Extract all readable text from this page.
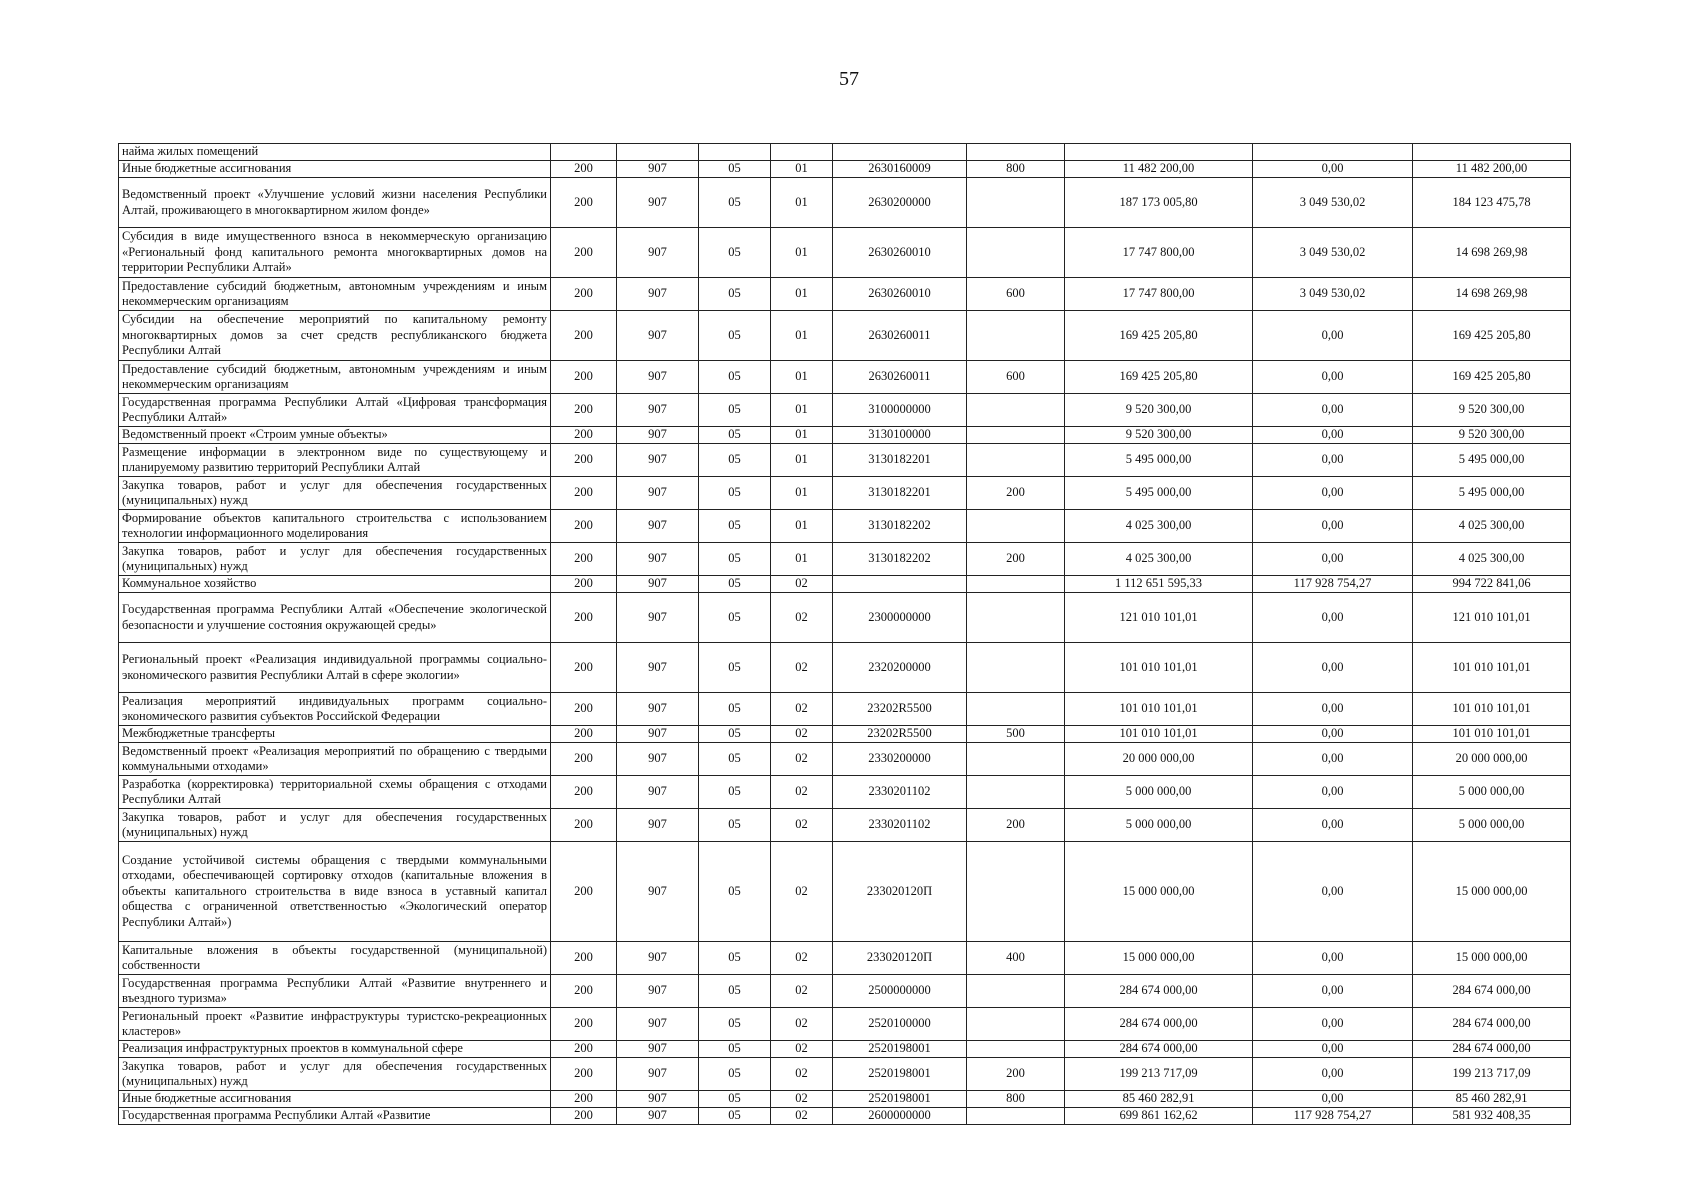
57
найма жилых помещений									
Иные бюджетные ассигнования	200	907	05	01	2630160009	800	11 482 200,00	0,00	11 482 200,00
Ведомственный проект «Улучшение условий жизни населения Республики Алтай, проживающего в многоквартирном жилом фонде»	200	907	05	01	2630200000		187 173 005,80	3 049 530,02	184 123 475,78
Субсидия в виде имущественного взноса в некоммерческую организацию «Региональный фонд капитального ремонта многоквартирных домов на территории Республики Алтай»	200	907	05	01	2630260010		17 747 800,00	3 049 530,02	14 698 269,98
Предоставление субсидий бюджетным, автономным учреждениям и иным некоммерческим организациям	200	907	05	01	2630260010	600	17 747 800,00	3 049 530,02	14 698 269,98
Субсидии на обеспечение мероприятий по капитальному ремонту многоквартирных домов за счет средств республиканского бюджета Республики Алтай	200	907	05	01	2630260011		169 425 205,80	0,00	169 425 205,80
Предоставление субсидий бюджетным, автономным учреждениям и иным некоммерческим организациям	200	907	05	01	2630260011	600	169 425 205,80	0,00	169 425 205,80
Государственная программа Республики Алтай «Цифровая трансформация Республики Алтай»	200	907	05	01	3100000000		9 520 300,00	0,00	9 520 300,00
Ведомственный проект «Строим умные объекты»	200	907	05	01	3130100000		9 520 300,00	0,00	9 520 300,00
Размещение информации в электронном виде по существующему и планируемому развитию территорий Республики Алтай	200	907	05	01	3130182201		5 495 000,00	0,00	5 495 000,00
Закупка товаров, работ и услуг для обеспечения государственных (муниципальных) нужд	200	907	05	01	3130182201	200	5 495 000,00	0,00	5 495 000,00
Формирование объектов капитального строительства с использованием технологии информационного моделирования	200	907	05	01	3130182202		4 025 300,00	0,00	4 025 300,00
Закупка товаров, работ и услуг для обеспечения государственных (муниципальных) нужд	200	907	05	01	3130182202	200	4 025 300,00	0,00	4 025 300,00
Коммунальное хозяйство	200	907	05	02			1 112 651 595,33	117 928 754,27	994 722 841,06
Государственная программа Республики Алтай «Обеспечение экологической безопасности и улучшение состояния окружающей среды»	200	907	05	02	2300000000		121 010 101,01	0,00	121 010 101,01
Региональный проект «Реализация индивидуальной программы социально-экономического развития Республики Алтай в сфере экологии»	200	907	05	02	2320200000		101 010 101,01	0,00	101 010 101,01
Реализация мероприятий индивидуальных программ социально-экономического развития субъектов Российской Федерации	200	907	05	02	23202R5500		101 010 101,01	0,00	101 010 101,01
Межбюджетные трансферты	200	907	05	02	23202R5500	500	101 010 101,01	0,00	101 010 101,01
Ведомственный проект «Реализация мероприятий по обращению с твердыми коммунальными отходами»	200	907	05	02	2330200000		20 000 000,00	0,00	20 000 000,00
Разработка (корректировка) территориальной схемы обращения с отходами Республики Алтай	200	907	05	02	2330201102		5 000 000,00	0,00	5 000 000,00
Закупка товаров, работ и услуг для обеспечения государственных (муниципальных) нужд	200	907	05	02	2330201102	200	5 000 000,00	0,00	5 000 000,00
Создание устойчивой системы обращения с твердыми коммунальными отходами, обеспечивающей сортировку отходов (капитальные вложения в объекты капитального строительства в виде взноса в уставный капитал общества с ограниченной ответственностью «Экологический оператор Республики Алтай»)	200	907	05	02	233020120П		15 000 000,00	0,00	15 000 000,00
Капитальные вложения в объекты государственной (муниципальной) собственности	200	907	05	02	233020120П	400	15 000 000,00	0,00	15 000 000,00
Государственная программа Республики Алтай «Развитие внутреннего и въездного туризма»	200	907	05	02	2500000000		284 674 000,00	0,00	284 674 000,00
Региональный проект «Развитие инфраструктуры туристско-рекреационных кластеров»	200	907	05	02	2520100000		284 674 000,00	0,00	284 674 000,00
Реализация инфраструктурных проектов в коммунальной сфере	200	907	05	02	2520198001		284 674 000,00	0,00	284 674 000,00
Закупка товаров, работ и услуг для обеспечения государственных (муниципальных) нужд	200	907	05	02	2520198001	200	199 213 717,09	0,00	199 213 717,09
Иные бюджетные ассигнования	200	907	05	02	2520198001	800	85 460 282,91	0,00	85 460 282,91
Государственная программа Республики Алтай «Развитие	200	907	05	02	2600000000		699 861 162,62	117 928 754,27	581 932 408,35
